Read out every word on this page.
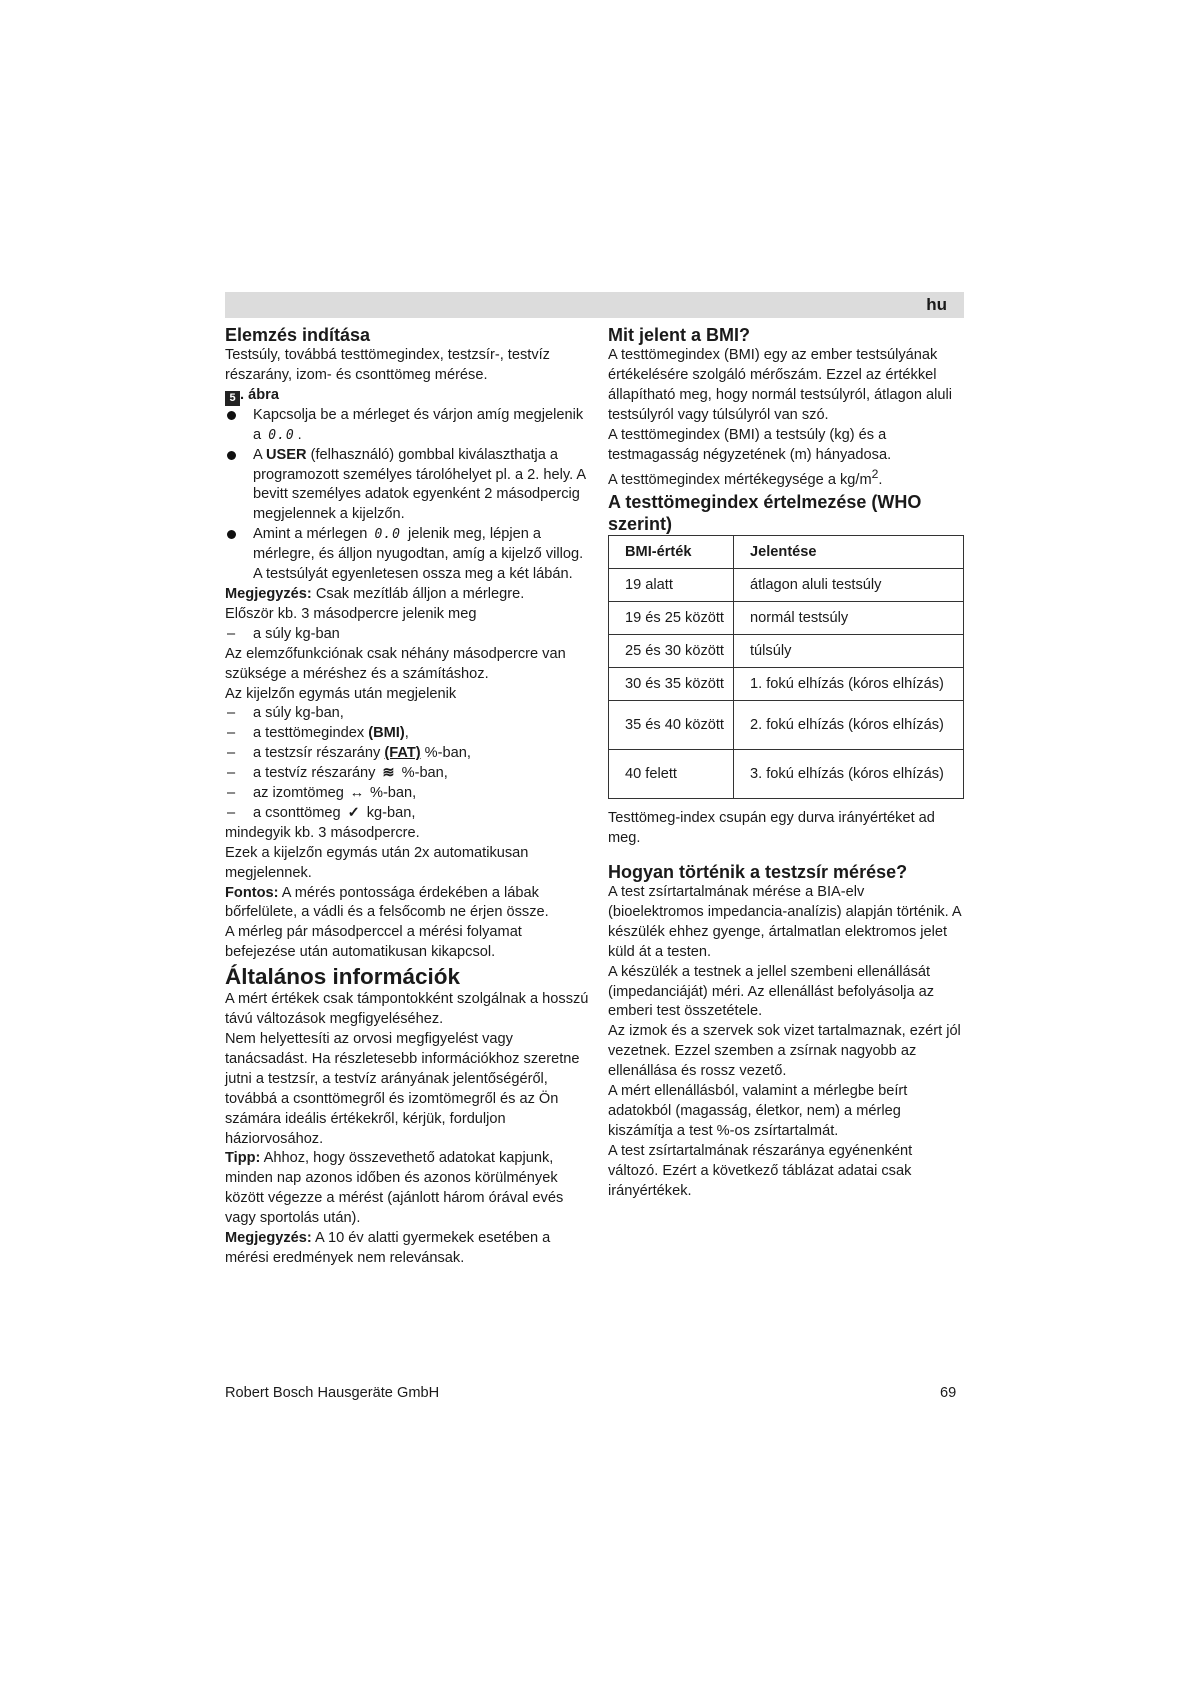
hu

Elemzés indítása

Testsúly, továbbá testtömegindex, testzsír-, testvíz részarány, izom- és csonttömeg mérése.

5 . ábra

Kapcsolja be a mérleget és várjon amíg megjelenik a 0.0 .

A USER (felhasználó) gombbal kiválaszthatja a programozott személyes tárolóhelyet pl. a 2. hely. A bevitt személyes adatok egyenként 2 másodpercig megjelennek a kijelzőn.

Amint a mérlegen 0.0 jelenik meg, lépjen a mérlegre, és álljon nyugodtan, amíg a kijelző villog. A testsúlyát egyenletesen ossza meg a két lábán.

Megjegyzés: Csak mezítláb álljon a mérlegre.

Először kb. 3 másodpercre jelenik meg

– a súly kg-ban

Az elemzőfunkciónak csak néhány másodpercre van szüksége a méréshez és a számításhoz.

Az kijelzőn egymás után megjelenik

– a súly kg-ban,

– a testtömegindex (BMI),

– a testzsír részarány (FAT) %-ban,

– a testvíz részarány ≋ %-ban,

– az izomtömeg ↔ %-ban,

– a csonttömeg ✓ kg-ban,

mindegyik kb. 3 másodpercre.

Ezek a kijelzőn egymás után 2x automatikusan megjelennek.

Fontos: A mérés pontossága érdekében a lábak bőrfelülete, a vádli és a felsőcomb ne érjen össze.

A mérleg pár másodperccel a mérési folyamat befejezése után automatikusan kikapcsol.

Általános információk

A mért értékek csak támpontokként szolgálnak a hosszú távú változások megfigyeléséhez.

Nem helyettesíti az orvosi megfigyelést vagy tanácsadást. Ha részletesebb információkhoz szeretne jutni a testzsír, a testvíz arányának jelentőségéről, továbbá a csonttömegről és izomtömegről és az Ön számára ideális értékekről, kérjük, forduljon háziorvosához.

Tipp: Ahhoz, hogy összevethető adatokat kapjunk, minden nap azonos időben és azonos körülmények között végezze a mérést (ajánlott három órával evés vagy sportolás után).

Megjegyzés: A 10 év alatti gyermekek esetében a mérési eredmények nem relevánsak.

Mit jelent a BMI?

A testtömegindex (BMI) egy az ember testsúlyának értékelésére szolgáló mérőszám. Ezzel az értékkel állapítható meg, hogy normál testsúlyról, átlagon aluli testsúlyról vagy túlsúlyról van szó.

A testtömegindex (BMI) a testsúly (kg) és a testmagasság négyzetének (m) hányadosa.

A testtömegindex mértékegysége a $kg/m^2$.

A testtömegindex értelmezése (WHO szerint)

BMI-érték	Jelentése
19 alatt	átlagon aluli testsúly
19 és 25 között	normál testsúly
25 és 30 között	túlsúly
30 és 35 között	1. fokú elhízás (kóros elhízás)
35 és 40 között	2. fokú elhízás (kóros elhízás)
40 felett	3. fokú elhízás (kóros elhízás)

Testtömeg-index csupán egy durva irányértéket ad meg.

Hogyan történik a testzsír mérése?

A test zsírtartalmának mérése a BIA-elv (bioelektromos impedancia-analízis) alapján történik. A készülék ehhez gyenge, ártalmatlan elektromos jelet küld át a testen.

A készülék a testnek a jellel szembeni ellenállását (impedanciáját) méri. Az ellenállást befolyásolja az emberi test összetétele.

Az izmok és a szervek sok vizet tartalmaznak, ezért jól vezetnek. Ezzel szemben a zsírnak nagyobb az ellenállása és rossz vezető.

A mért ellenállásból, valamint a mérlegbe beírt adatokból (magasság, életkor, nem) a mérleg kiszámítja a test %-os zsírtartalmát.

A test zsírtartalmának részaránya egyénenként változó. Ezért a következő táblázat adatai csak irányértékek.

Robert Bosch Hausgeräte GmbH	69
